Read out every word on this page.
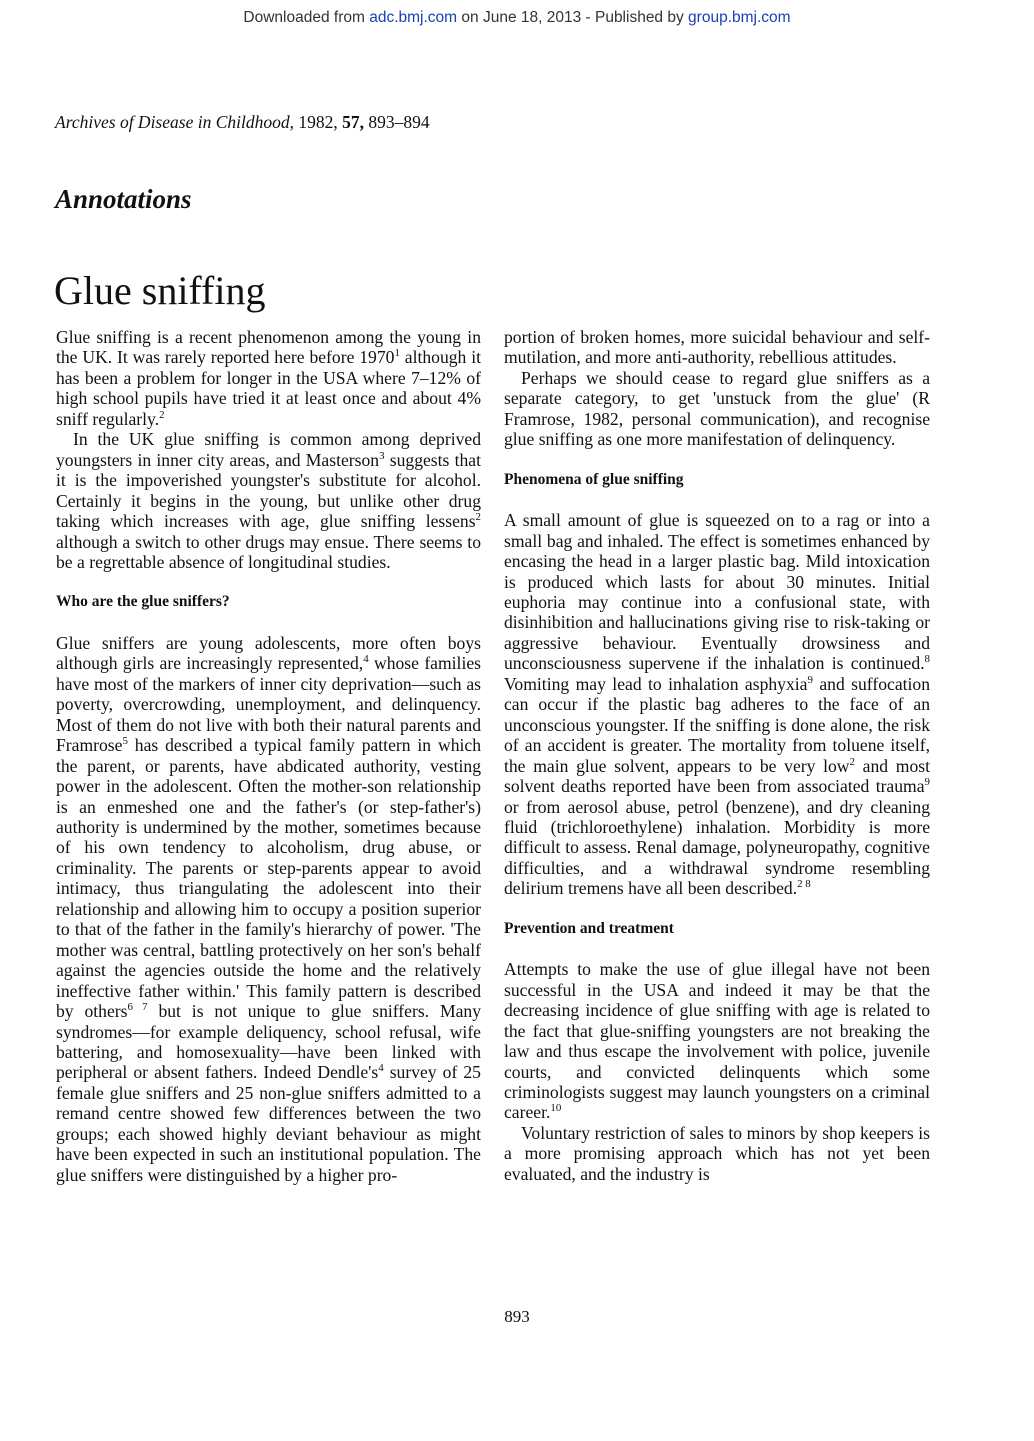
Downloaded from adc.bmj.com on June 18, 2013 - Published by group.bmj.com
Archives of Disease in Childhood, 1982, 57, 893–894
Annotations
Glue sniffing

Glue sniffing is a recent phenomenon among the young in the UK. It was rarely reported here before 1970$^1$ although it has been a problem for longer in the USA where 7–12% of high school pupils have tried it at least once and about 4% sniff regularly.$^2$

In the UK glue sniffing is common among deprived youngsters in inner city areas, and Masterson$^3$ suggests that it is the impoverished youngster's substitute for alcohol. Certainly it begins in the young, but unlike other drug taking which increases with age, glue sniffing lessens$^2$ although a switch to other drugs may ensue. There seems to be a regrettable absence of longitudinal studies.

Who are the glue sniffers?

Glue sniffers are young adolescents, more often boys although girls are increasingly represented,$^4$ whose families have most of the markers of inner city deprivation—such as poverty, overcrowding, unemployment, and delinquency. Most of them do not live with both their natural parents and Framrose$^5$ has described a typical family pattern in which the parent, or parents, have abdicated authority, vesting power in the adolescent. Often the mother-son relationship is an enmeshed one and the father's (or step-father's) authority is undermined by the mother, sometimes because of his own tendency to alcoholism, drug abuse, or criminality. The parents or step-parents appear to avoid intimacy, thus triangulating the adolescent into their relationship and allowing him to occupy a position superior to that of the father in the family's hierarchy of power. 'The mother was central, battling protectively on her son's behalf against the agencies outside the home and the relatively ineffective father within.' This family pattern is described by others$^{6 7}$ but is not unique to glue sniffers. Many syndromes—for example deliquency, school refusal, wife battering, and homosexuality—have been linked with peripheral or absent fathers. Indeed $Dendle's^4$ survey of 25 female glue sniffers and 25 non-glue sniffers admitted to a remand centre showed few differences between the two groups; each showed highly deviant behaviour as might have been expected in such an institutional population. The glue sniffers were distinguished by a higher pro-

portion of broken homes, more suicidal behaviour and self-mutilation, and more anti-authority, rebellious attitudes.

Perhaps we should cease to regard glue sniffers as a separate category, to get 'unstuck from the glue' (R Framrose, 1982, personal communication), and recognise glue sniffing as one more manifestation of delinquency.

Phenomena of glue sniffing

A small amount of glue is squeezed on to a rag or into a small bag and inhaled. The effect is sometimes enhanced by encasing the head in a larger plastic bag. Mild intoxication is produced which lasts for about 30 minutes. Initial euphoria may continue into a confusional state, with disinhibition and hallucinations giving rise to risk-taking or aggressive behaviour. Eventually drowsiness and unconsciousness supervene if the inhalation is continued.$^8$ Vomiting may lead to inhalation asphyxia$^9$ and suffocation can occur if the plastic bag adheres to the face of an unconscious youngster. If the sniffing is done alone, the risk of an accident is greater. The mortality from toluene itself, the main glue solvent, appears to be very low$^2$ and most solvent deaths reported have been from associated trauma$^9$ or from aerosol abuse, petrol (benzene), and dry cleaning fluid (trichloroethylene) inhalation. Morbidity is more difficult to assess. Renal damage, polyneuropathy, cognitive difficulties, and a withdrawal syndrome resembling delirium tremens have all been described.$^{2 8}$

Prevention and treatment

Attempts to make the use of glue illegal have not been successful in the USA and indeed it may be that the decreasing incidence of glue sniffing with age is related to the fact that glue-sniffing youngsters are not breaking the law and thus escape the involvement with police, juvenile courts, and convicted delinquents which some criminologists suggest may launch youngsters on a criminal career.$^{10}$

Voluntary restriction of sales to minors by shop keepers is a more promising approach which has not yet been evaluated, and the industry is

893
